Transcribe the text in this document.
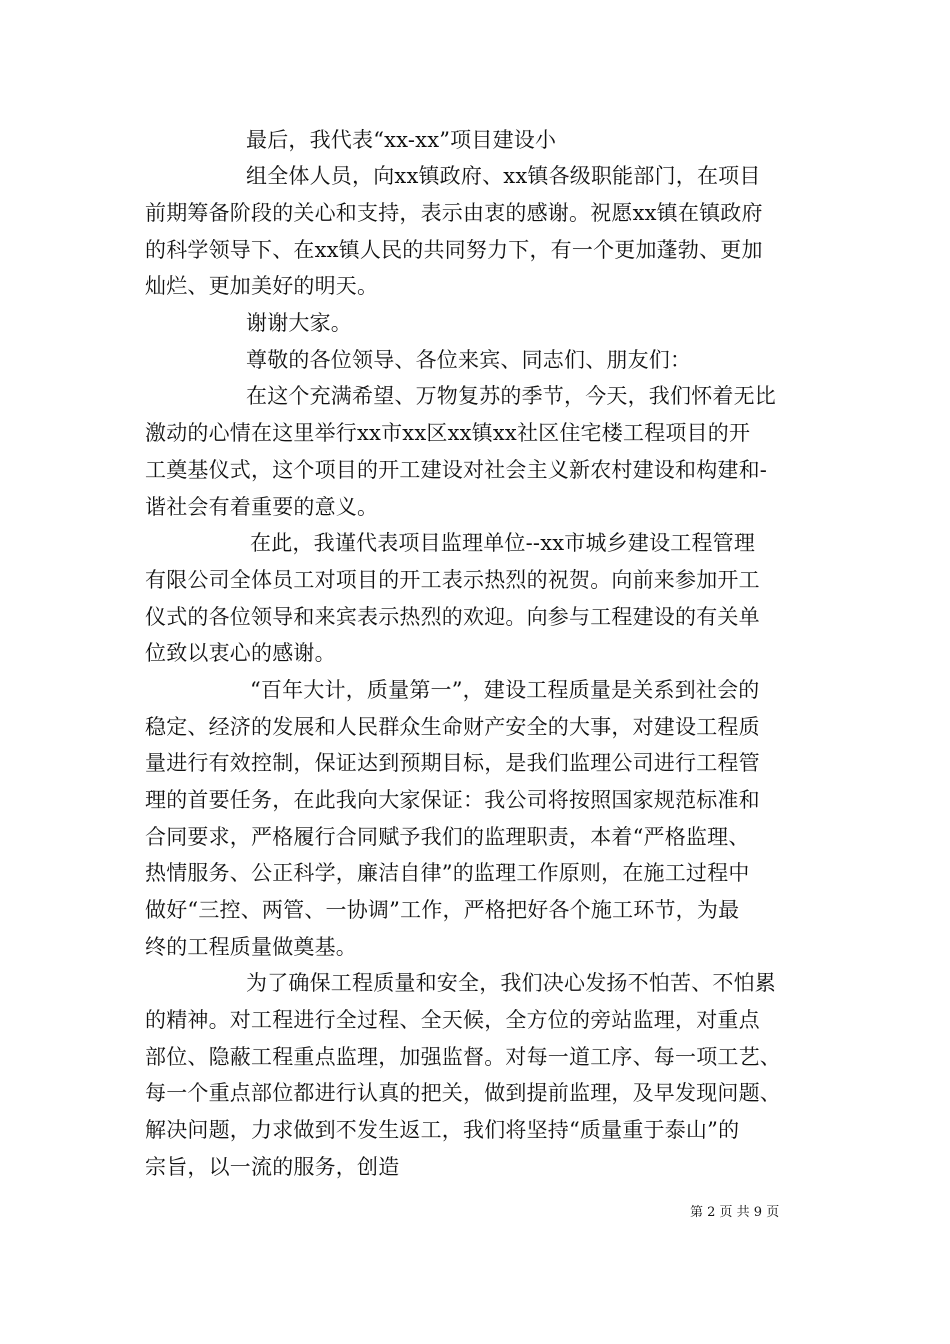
最后，我代表“xx-xx”项目建设小
组全体人员，向xx镇政府、xx镇各级职能部门，在项目
前期筹备阶段的关心和支持，表示由衷的感谢。祝愿xx镇在镇政府
的科学领导下、在xx镇人民的共同努力下，有一个更加蓬勃、更加
灿烂、更加美好的明天。
谢谢大家。
尊敬的各位领导、各位来宾、同志们、朋友们：
在这个充满希望、万物复苏的季节，今天，我们怀着无比
激动的心情在这里举行xx市xx区xx镇xx社区住宅楼工程项目的开
工奠基仪式，这个项目的开工建设对社会主义新农村建设和构建和-
谐社会有着重要的意义。
在此，我谨代表项目监理单位--xx市城乡建设工程管理
有限公司全体员工对项目的开工表示热烈的祝贺。向前来参加开工
仪式的各位领导和来宾表示热烈的欢迎。向参与工程建设的有关单
位致以衷心的感谢。
“百年大计，质量第一”，建设工程质量是关系到社会的
稳定、经济的发展和人民群众生命财产安全的大事，对建设工程质
量进行有效控制，保证达到预期目标，是我们监理公司进行工程管
理的首要任务，在此我向大家保证：我公司将按照国家规范标准和
合同要求，严格履行合同赋予我们的监理职责，本着“严格监理、
热情服务、公正科学，廉洁自律”的监理工作原则，在施工过程中
做好“三控、两管、一协调”工作，严格把好各个施工环节，为最
终的工程质量做奠基。
为了确保工程质量和安全，我们决心发扬不怕苦、不怕累
的精神。对工程进行全过程、全天候，全方位的旁站监理，对重点
部位、隐蔽工程重点监理，加强监督。对每一道工序、每一项工艺、
每一个重点部位都进行认真的把关，做到提前监理，及早发现问题、
解决问题，力求做到不发生返工，我们将坚持“质量重于泰山”的
宗旨，以一流的服务，创造
第 2 页 共 9 页
